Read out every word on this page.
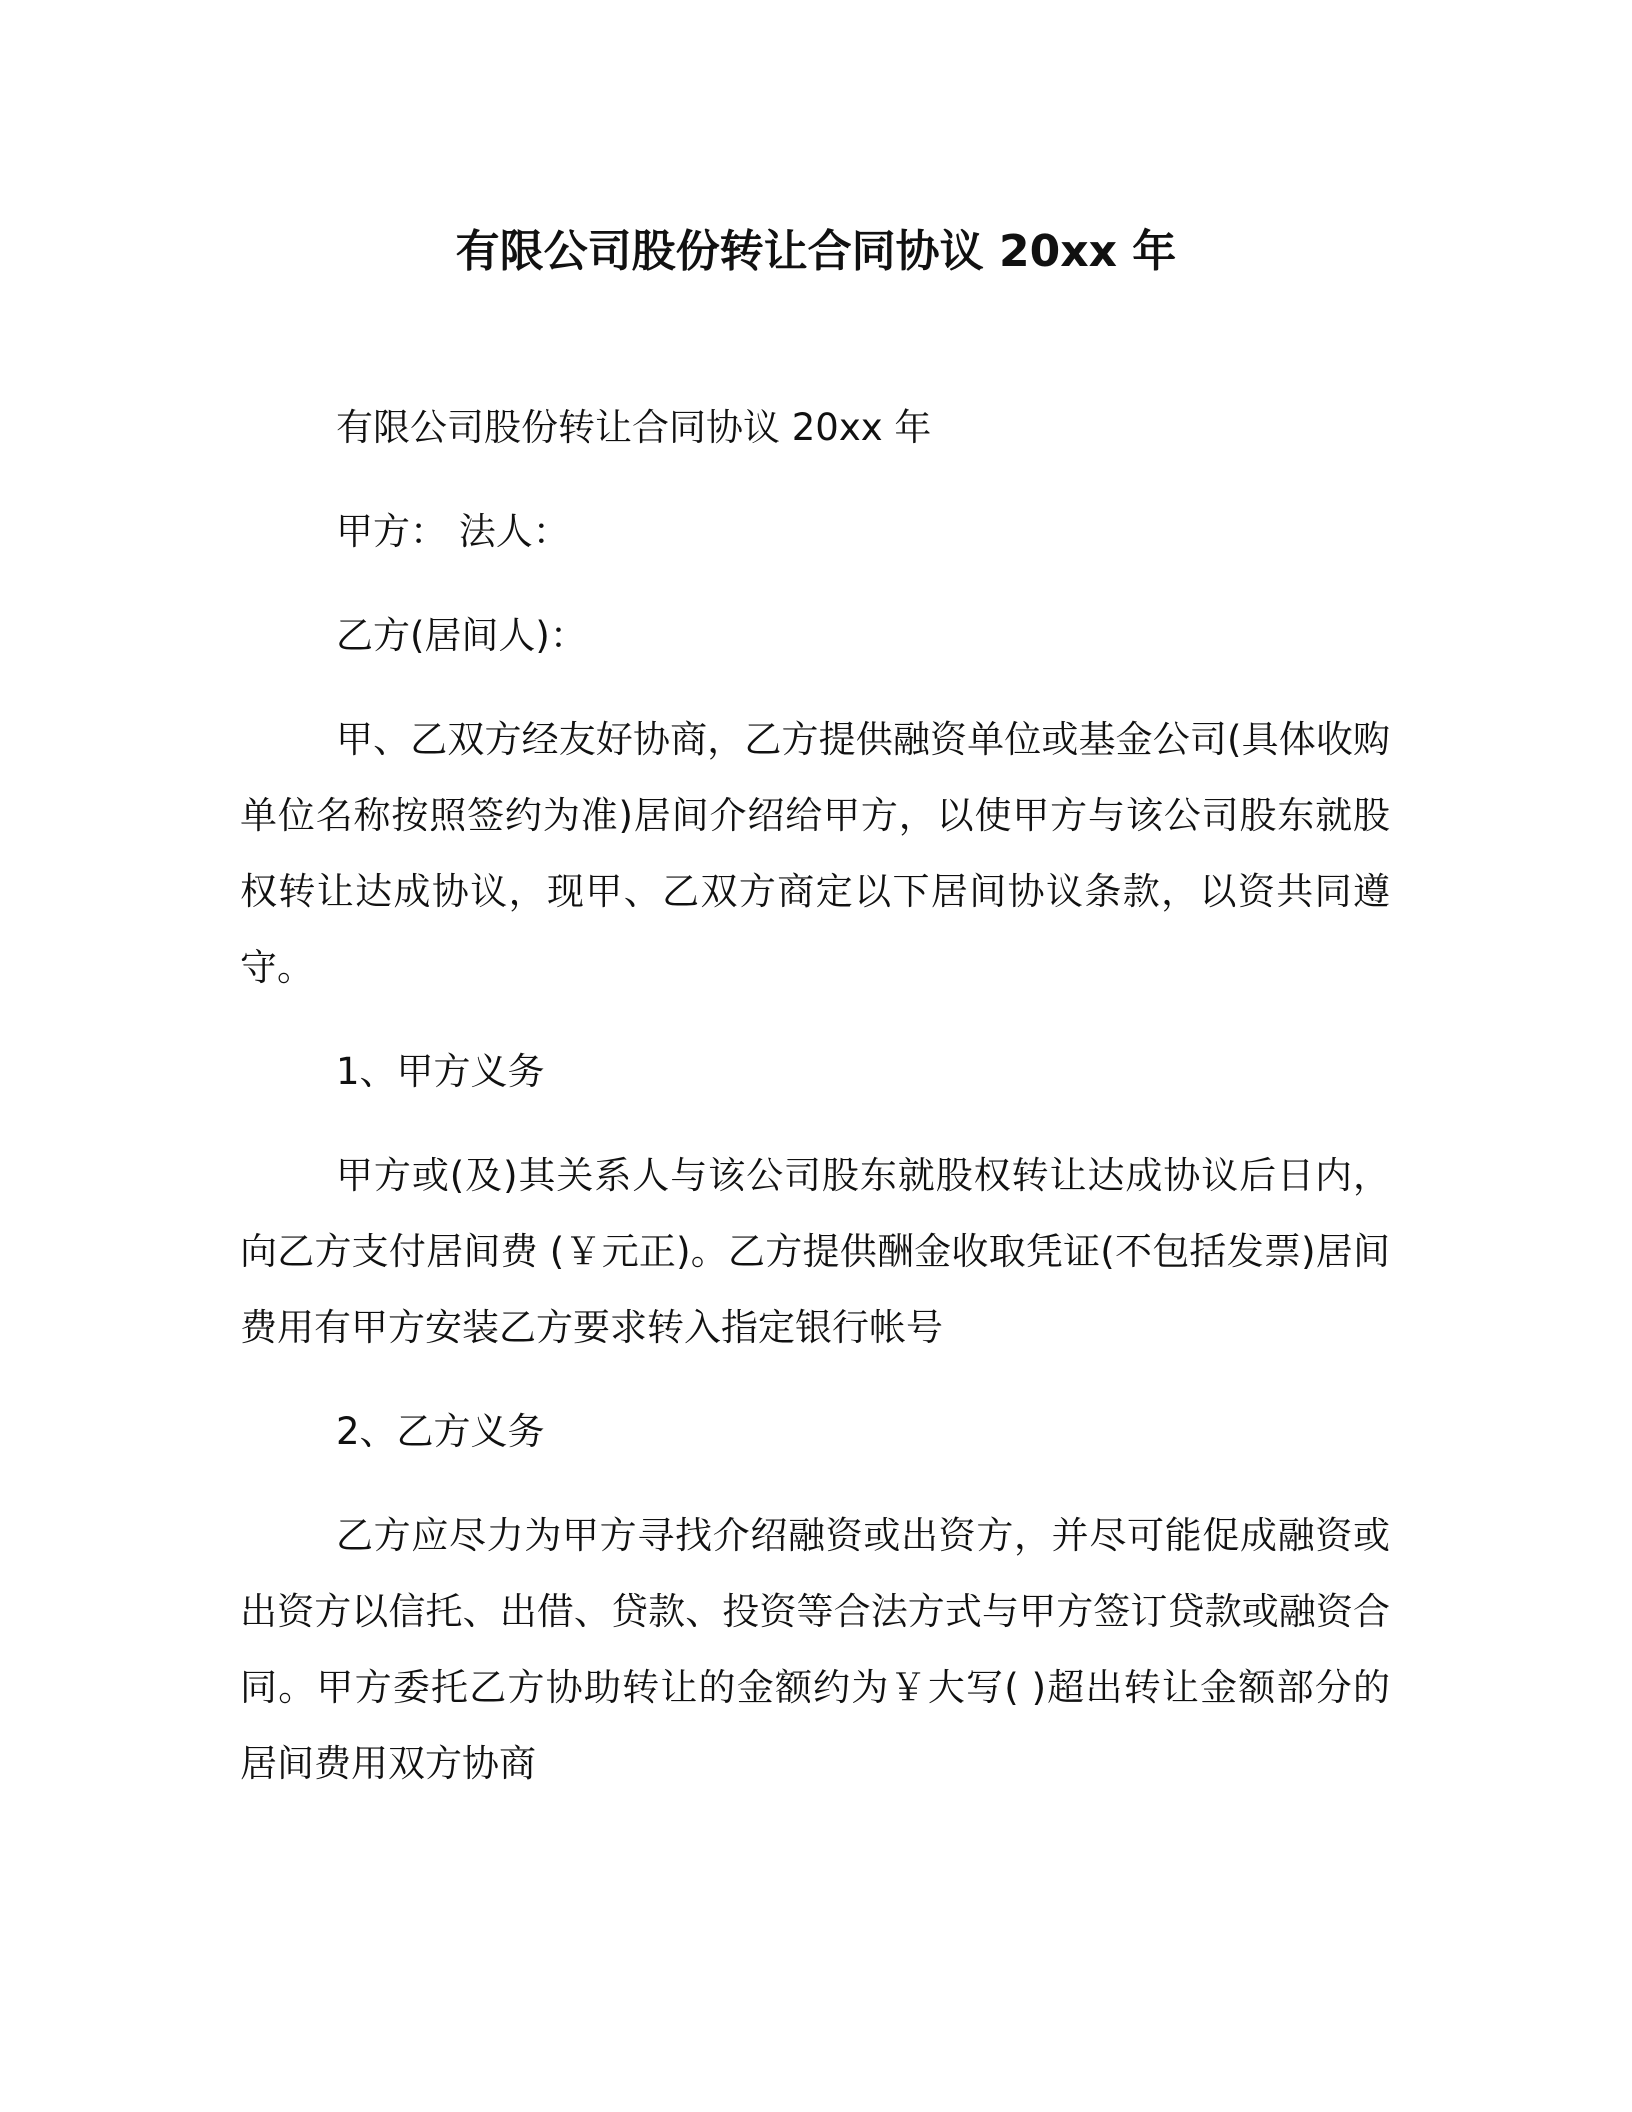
有限公司股份转让合同协议 20xx 年

有限公司股份转让合同协议 20xx 年

甲方： 法人：

乙方(居间人)：

甲、乙双方经友好协商，乙方提供融资单位或基金公司(具体收购单位名称按照签约为准)居间介绍给甲方，以使甲方与该公司股东就股权转让达成协议，现甲、乙双方商定以下居间协议条款，以资共同遵守。

1、甲方义务

甲方或(及)其关系人与该公司股东就股权转让达成协议后日内，向乙方支付居间费 (￥元正)。乙方提供酬金收取凭证(不包括发票)居间费用有甲方安装乙方要求转入指定银行帐号

2、乙方义务

乙方应尽力为甲方寻找介绍融资或出资方，并尽可能促成融资或出资方以信托、出借、贷款、投资等合法方式与甲方签订贷款或融资合同。甲方委托乙方协助转让的金额约为￥大写( )超出转让金额部分的居间费用双方协商
